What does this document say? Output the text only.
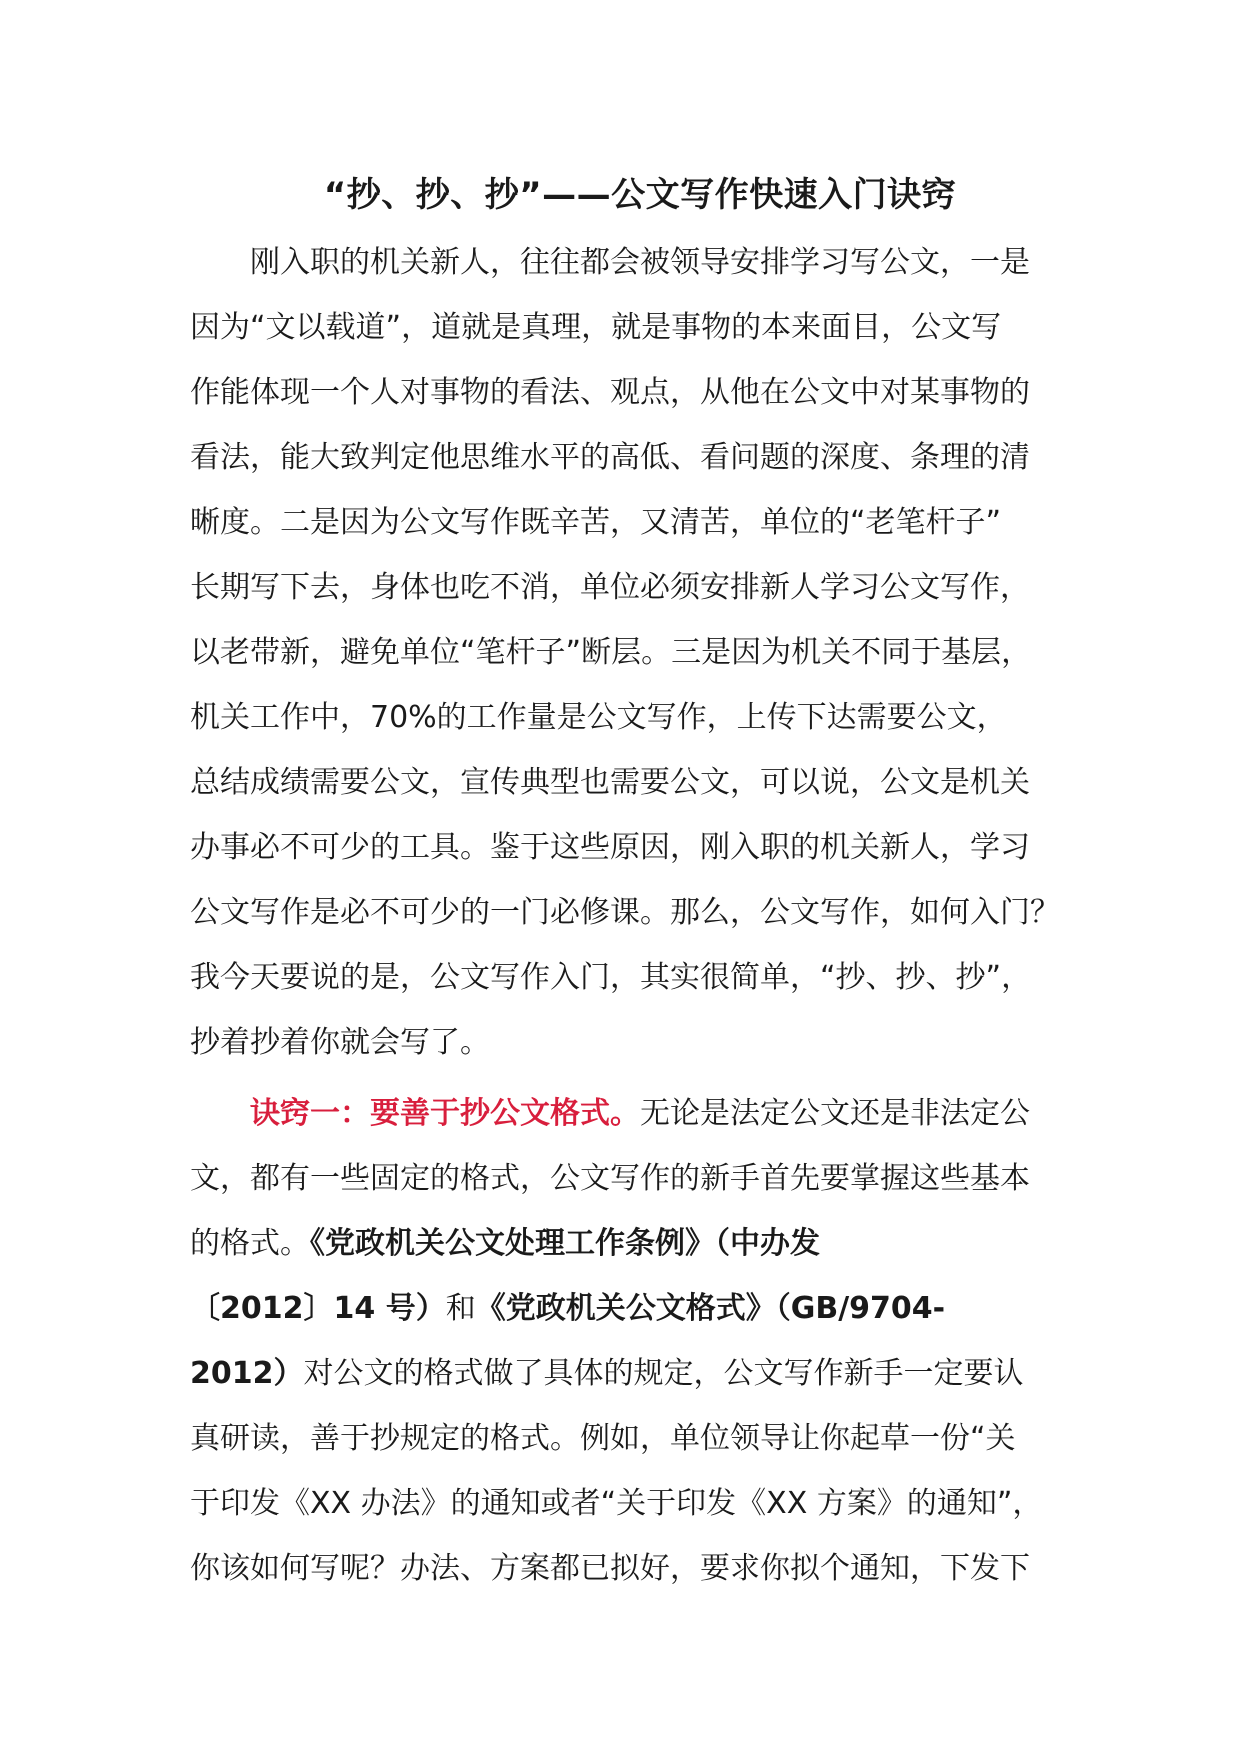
“抄、抄、抄”——公文写作快速入门诀窍

刚入职的机关新人，往往都会被领导安排学习写公文，一是
因为“文以载道”，道就是真理，就是事物的本来面目，公文写
作能体现一个人对事物的看法、观点，从他在公文中对某事物的
看法，能大致判定他思维水平的高低、看问题的深度、条理的清
晰度。二是因为公文写作既辛苦，又清苦，单位的“老笔杆子”
长期写下去，身体也吃不消，单位必须安排新人学习公文写作，
以老带新，避免单位“笔杆子”断层。三是因为机关不同于基层，
机关工作中，70%的工作量是公文写作，上传下达需要公文，
总结成绩需要公文，宣传典型也需要公文，可以说，公文是机关
办事必不可少的工具。鉴于这些原因，刚入职的机关新人，学习
公文写作是必不可少的一门必修课。那么，公文写作，如何入门？
我今天要说的是，公文写作入门，其实很简单，“抄、抄、抄”，
抄着抄着你就会写了。

诀窍一：要善于抄公文格式。无论是法定公文还是非法定公
文，都有一些固定的格式，公文写作的新手首先要掌握这些基本
的格式。《党政机关公文处理工作条例》（中办发
〔2012〕14 号）和《党政机关公文格式》（GB/9704-
2012）对公文的格式做了具体的规定，公文写作新手一定要认
真研读，善于抄规定的格式。例如，单位领导让你起草一份“关
于印发《XX 办法》的通知或者“关于印发《XX 方案》的通知”，
你该如何写呢？办法、方案都已拟好，要求你拟个通知，下发下
